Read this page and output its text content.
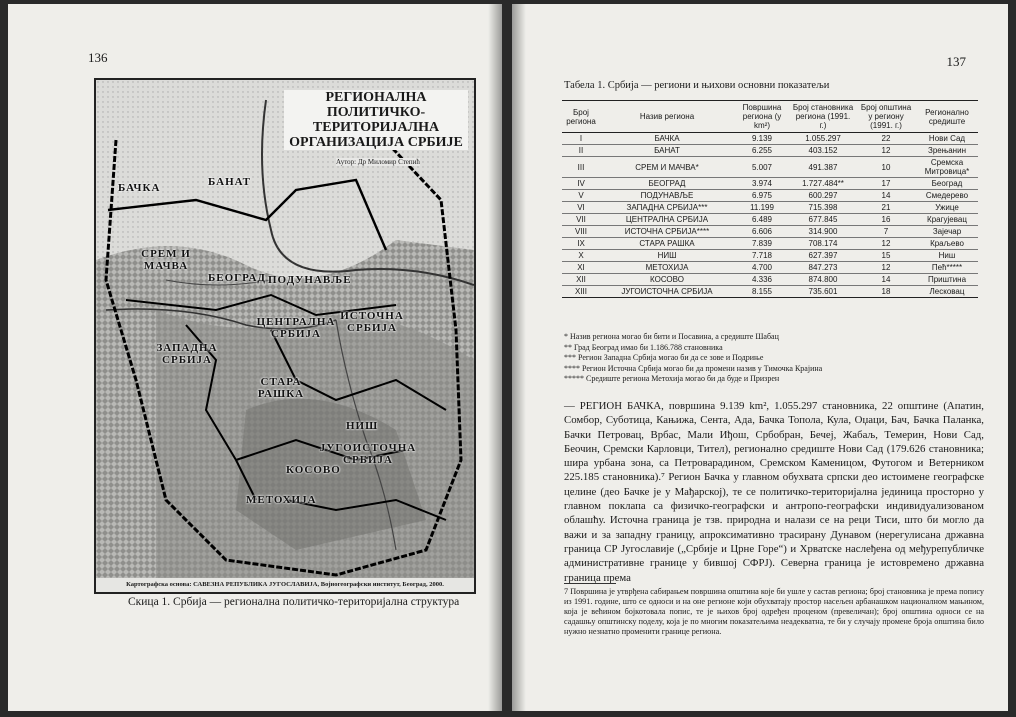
136
РЕГИОНАЛНА
ПОЛИТИЧКО-ТЕРИТОРИЈАЛНА
ОРГАНИЗАЦИЈА СРБИЈЕ
Аутор: Др Миломир Степић
БАЧКА	БАНАТ
СРЕМ И МАЧВА
БЕОГРАД ПОДУНАВЉЕ
ЦЕНТРАЛНА СРБИЈА
ИСТОЧНА СРБИЈА
ЗАПАДНА СРБИЈА
СТАРА РАШКА
НИШ
ЈУГОИСТОЧНА СРБИЈА
КОСОВО
МЕТОХИЈА
Картографска основа: САВЕЗНА РЕПУБЛИКА ЈУГОСЛАВИЈА, Војногеографски институт, Београд, 2000.
Скица 1. Србија — регионална политичко-територијална структура
137
Табела 1. Србија — региони и њихови основни показатељи
Број региона	Назив региона	Површина региона (у km²)	Број становника региона (1991. г.)	Број општина у региону (1991. г.)	Регионално средиште
I	БАЧКА	9.139	1.055.297	22	Нови Сад
II	БАНАТ	6.255	403.152	12	Зрењанин
III	СРЕМ И МАЧВА*	5.007	491.387	10	Сремска Митровица*
IV	БЕОГРАД	3.974	1.727.484**	17	Београд
V	ПОДУНАВЉЕ	6.975	600.297	14	Смедерево
VI	ЗАПАДНА СРБИЈА***	11.199	715.398	21	Ужице
VII	ЦЕНТРАЛНА СРБИЈА	6.489	677.845	16	Крагујевац
VIII	ИСТОЧНА СРБИЈА****	6.606	314.900	7	Зајечар
IX	СТАРА РАШКА	7.839	708.174	12	Краљево
X	НИШ	7.718	627.397	15	Ниш
XI	МЕТОХИЈА	4.700	847.273	12	Пећ*****
XII	КОСОВО	4.336	874.800	14	Приштина
XIII	ЈУГОИСТОЧНА СРБИЈА	8.155	735.601	18	Лесковац
* Назив региона могао би бити и Посавина, а средиште Шабац
** Град Београд имао би 1.186.788 становника
*** Регион Западна Србија могао би да се зове и Подриње
**** Регион Источна Србија могао би да промени назив у Тимочка Крајина
***** Средиште региона Метохија могао би да буде и Призрен
— РЕГИОН БАЧКА, површина 9.139 km², 1.055.297 становника, 22 општине (Апатин, Сомбор, Суботица, Кањижа, Сента, Ада, Бачка Топола, Кула, Оџаци, Бач, Бачка Паланка, Бачки Петровац, Врбас, Мали Иђош, Србобран, Бечеј, Жабаљ, Темерин, Нови Сад, Беочин, Сремски Карловци, Тител), регионално средиште Нови Сад (179.626 становника; шира урбана зона, са Петроварадином, Сремском Каменицом, Футогом и Ветерником 225.185 становника).⁷ Регион Бачка у главном обухвата српски део истоимене географске целине (део Бачке је у Мађарској), те се политичко-територијална јединица просторно у главном поклапа са физичко-географски и антропо-географски индивидуализованом облашћу. Источна граница је тзв. природна и налази се на реци Тиси, што би могло да важи и за западну границу, апроксимативно трасирану Дунавом (нерегулисана државна граница СР Југославије („Србије и Црне Горе“) и Хрватске наслеђена од међурепубличке административне границе у бившој СФРЈ). Северна граница је истовремено државна граница према
7 Површина је утврђена сабирањем површина општина које би ушле у састав региона; број становника је према попису из 1991. године, што се односи и на оне регионе који обухватају простор насељен арбанашком националном мањином, која је већином бојкотовала попис, те је њихов број одређен проценом (превеличан); број општина односи се на садашњу општинску поделу, која је по многим показатељима неадекватна, те би у случају промене броја општина било нужно незнатно променити границе региона.
